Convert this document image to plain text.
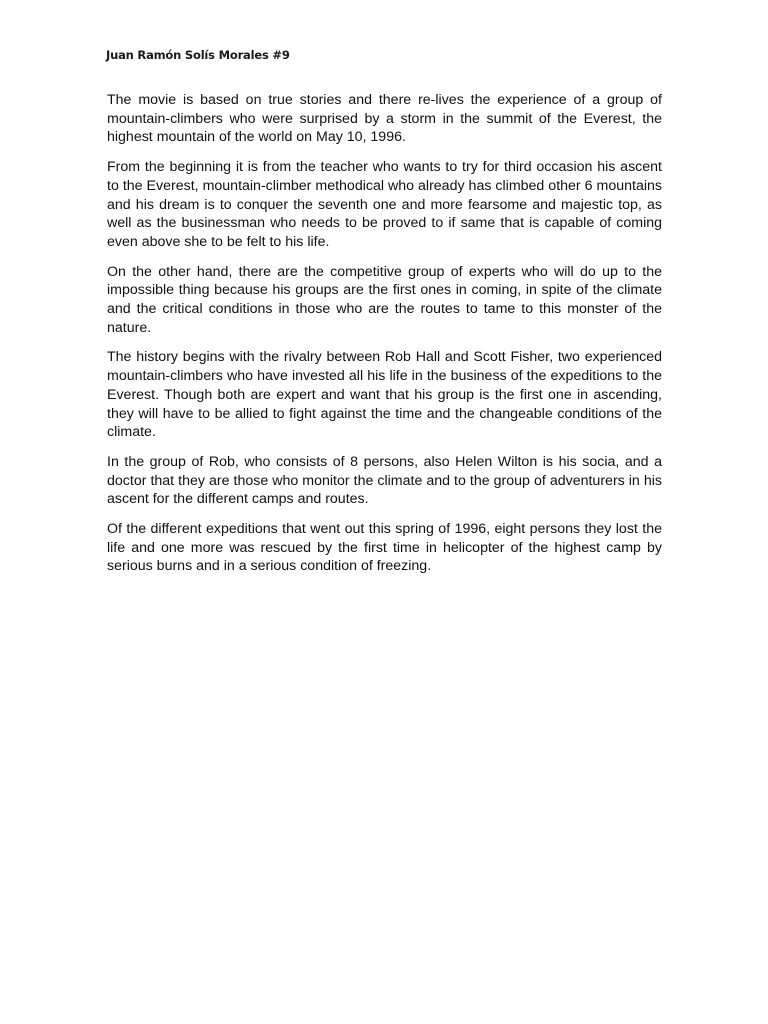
Juan Ramón Solís Morales #9

The movie is based on true stories and there re-lives the experience of a group of mountain-climbers who were surprised by a storm in the summit of the Everest, the highest mountain of the world on May 10, 1996.

From the beginning it is from the teacher who wants to try for third occasion his ascent to the Everest, mountain-climber methodical who already has climbed other 6 mountains and his dream is to conquer the seventh one and more fearsome and majestic top, as well as the businessman who needs to be proved to if same that is capable of coming even above she to be felt to his life.

On the other hand, there are the competitive group of experts who will do up to the impossible thing because his groups are the first ones in coming, in spite of the climate and the critical conditions in those who are the routes to tame to this monster of the nature.

The history begins with the rivalry between Rob Hall and Scott Fisher, two experienced mountain-climbers who have invested all his life in the business of the expeditions to the Everest. Though both are expert and want that his group is the first one in ascending, they will have to be allied to fight against the time and the changeable conditions of the climate.

In the group of Rob, who consists of 8 persons, also Helen Wilton is his socia, and a doctor that they are those who monitor the climate and to the group of adventurers in his ascent for the different camps and routes.

Of the different expeditions that went out this spring of 1996, eight persons they lost the life and one more was rescued by the first time in helicopter of the highest camp by serious burns and in a serious condition of freezing.
